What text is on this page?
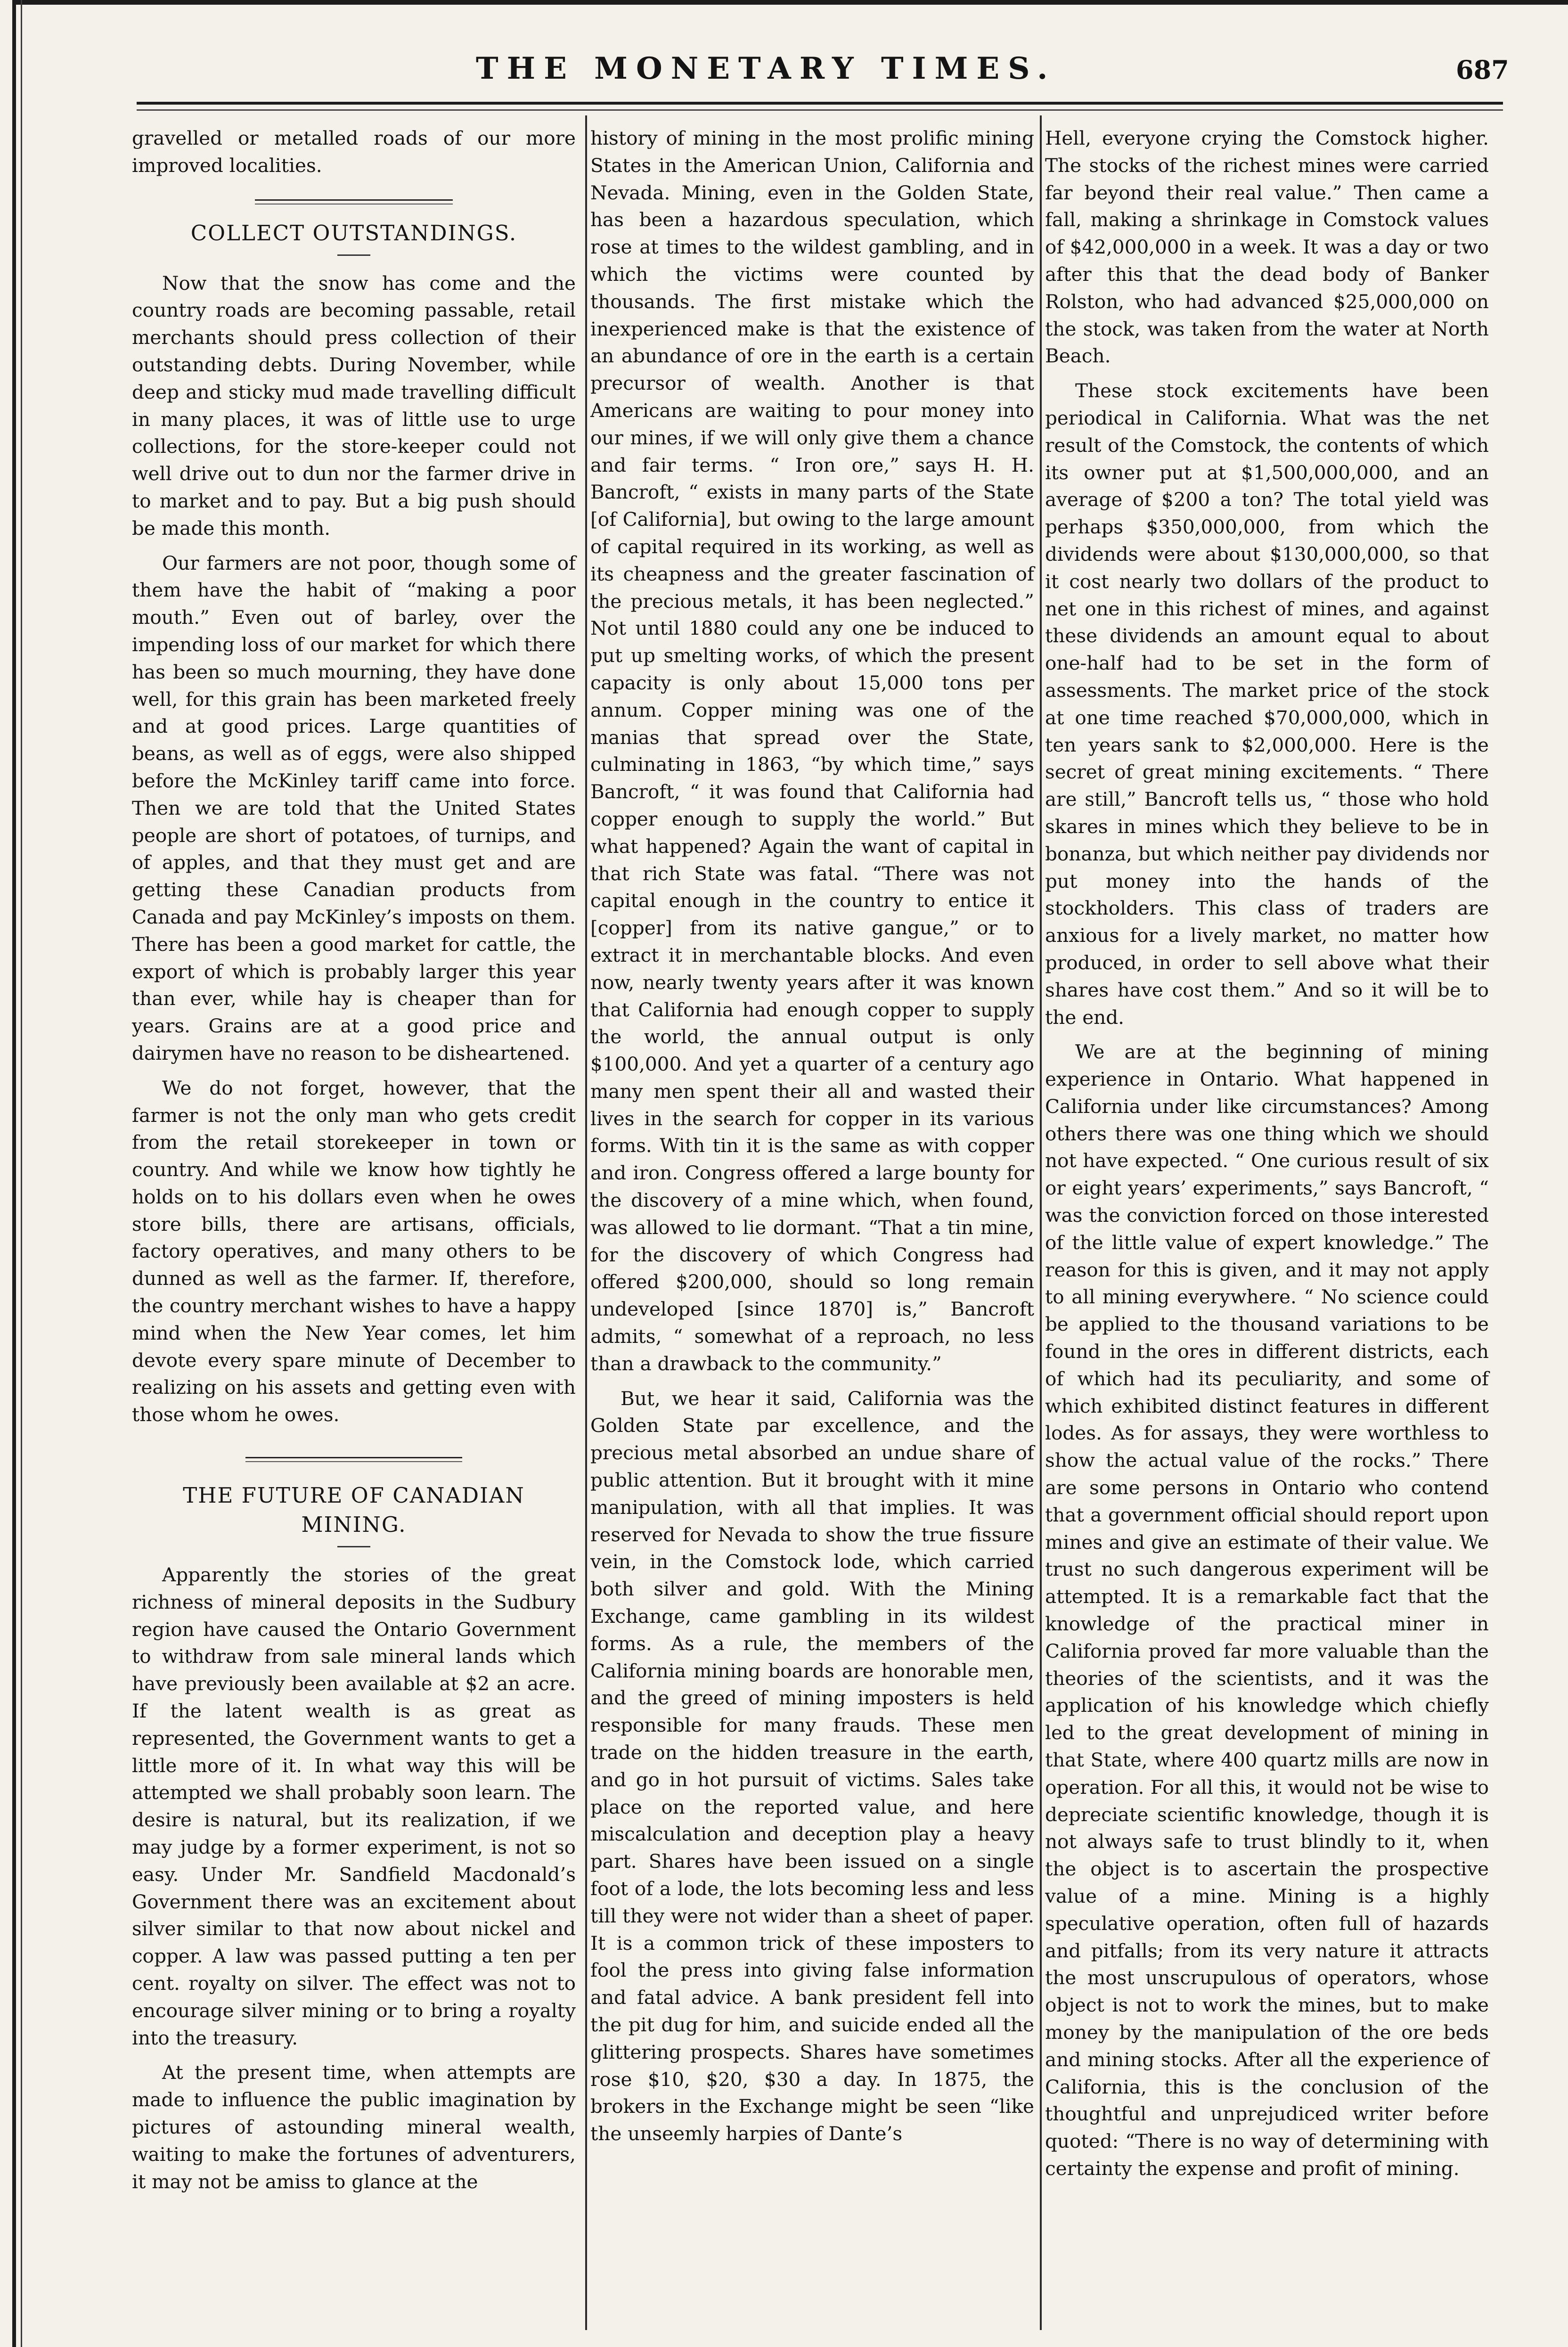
THE MONETARY TIMES.	687

gravelled or metalled roads of our more improved localities.

COLLECT OUTSTANDINGS.

Now that the snow has come and the country roads are becoming passable, retail merchants should press collection of their outstanding debts. During November, while deep and sticky mud made travelling difficult in many places, it was of little use to urge collections, for the store-keeper could not well drive out to dun nor the farmer drive in to market and to pay. But a big push should be made this month.

Our farmers are not poor, though some of them have the habit of “making a poor mouth.” Even out of barley, over the impending loss of our market for which there has been so much mourning, they have done well, for this grain has been marketed freely and at good prices. Large quantities of beans, as well as of eggs, were also shipped before the McKinley tariff came into force. Then we are told that the United States people are short of potatoes, of turnips, and of apples, and that they must get and are getting these Canadian products from Canada and pay McKinley’s imposts on them. There has been a good market for cattle, the export of which is probably larger this year than ever, while hay is cheaper than for years. Grains are at a good price and dairymen have no reason to be disheartened.

We do not forget, however, that the farmer is not the only man who gets credit from the retail storekeeper in town or country. And while we know how tightly he holds on to his dollars even when he owes store bills, there are artisans, officials, factory operatives, and many others to be dunned as well as the farmer. If, therefore, the country merchant wishes to have a happy mind when the New Year comes, let him devote every spare minute of December to realizing on his assets and getting even with those whom he owes.

THE FUTURE OF CANADIAN MINING.

Apparently the stories of the great richness of mineral deposits in the Sudbury region have caused the Ontario Government to withdraw from sale mineral lands which have previously been available at $2 an acre. If the latent wealth is as great as represented, the Government wants to get a little more of it. In what way this will be attempted we shall probably soon learn. The desire is natural, but its realization, if we may judge by a former experiment, is not so easy. Under Mr. Sandfield Macdonald’s Government there was an excitement about silver similar to that now about nickel and copper. A law was passed putting a ten per cent. royalty on silver. The effect was not to encourage silver mining or to bring a royalty into the treasury.

At the present time, when attempts are made to influence the public imagination by pictures of astounding mineral wealth, waiting to make the fortunes of adventurers, it may not be amiss to glance at the

history of mining in the most prolific mining States in the American Union, California and Nevada. Mining, even in the Golden State, has been a hazardous speculation, which rose at times to the wildest gambling, and in which the victims were counted by thousands. The first mistake which the inexperienced make is that the existence of an abundance of ore in the earth is a certain precursor of wealth. Another is that Americans are waiting to pour money into our mines, if we will only give them a chance and fair terms. “ Iron ore,” says H. H. Bancroft, “ exists in many parts of the State [of California], but owing to the large amount of capital required in its working, as well as its cheapness and the greater fascination of the precious metals, it has been neglected.” Not until 1880 could any one be induced to put up smelting works, of which the present capacity is only about 15,000 tons per annum. Copper mining was one of the manias that spread over the State, culminating in 1863, “by which time,” says Bancroft, “ it was found that California had copper enough to supply the world.” But what happened? Again the want of capital in that rich State was fatal. “There was not capital enough in the country to entice it [copper] from its native gangue,” or to extract it in merchantable blocks. And even now, nearly twenty years after it was known that California had enough copper to supply the world, the annual output is only $100,000. And yet a quarter of a century ago many men spent their all and wasted their lives in the search for copper in its various forms. With tin it is the same as with copper and iron. Congress offered a large bounty for the discovery of a mine which, when found, was allowed to lie dormant. “That a tin mine, for the discovery of which Congress had offered $200,000, should so long remain undeveloped [since 1870] is,” Bancroft admits, “ somewhat of a reproach, no less than a drawback to the community.”

But, we hear it said, California was the Golden State par excellence, and the precious metal absorbed an undue share of public attention. But it brought with it mine manipulation, with all that implies. It was reserved for Nevada to show the true fissure vein, in the Comstock lode, which carried both silver and gold. With the Mining Exchange, came gambling in its wildest forms. As a rule, the members of the California mining boards are honorable men, and the greed of mining imposters is held responsible for many frauds. These men trade on the hidden treasure in the earth, and go in hot pursuit of victims. Sales take place on the reported value, and here miscalculation and deception play a heavy part. Shares have been issued on a single foot of a lode, the lots becoming less and less till they were not wider than a sheet of paper. It is a common trick of these imposters to fool the press into giving false information and fatal advice. A bank president fell into the pit dug for him, and suicide ended all the glittering prospects. Shares have sometimes rose $10, $20, $30 a day. In 1875, the brokers in the Exchange might be seen “like the unseemly harpies of Dante’s

Hell, everyone crying the Comstock higher. The stocks of the richest mines were carried far beyond their real value.” Then came a fall, making a shrinkage in Comstock values of $42,000,000 in a week. It was a day or two after this that the dead body of Banker Rolston, who had advanced $25,000,000 on the stock, was taken from the water at North Beach.

These stock excitements have been periodical in California. What was the net result of the Comstock, the contents of which its owner put at $1,500,000,000, and an average of $200 a ton? The total yield was perhaps $350,000,000, from which the dividends were about $130,000,000, so that it cost nearly two dollars of the product to net one in this richest of mines, and against these dividends an amount equal to about one-half had to be set in the form of assessments. The market price of the stock at one time reached $70,000,000, which in ten years sank to $2,000,000. Here is the secret of great mining excitements. “ There are still,” Bancroft tells us, “ those who hold skares in mines which they believe to be in bonanza, but which neither pay dividends nor put money into the hands of the stockholders. This class of traders are anxious for a lively market, no matter how produced, in order to sell above what their shares have cost them.” And so it will be to the end.

We are at the beginning of mining experience in Ontario. What happened in California under like circumstances? Among others there was one thing which we should not have expected. “ One curious result of six or eight years’ experiments,” says Bancroft, “ was the conviction forced on those interested of the little value of expert knowledge.” The reason for this is given, and it may not apply to all mining everywhere. “ No science could be applied to the thousand variations to be found in the ores in different districts, each of which had its peculiarity, and some of which exhibited distinct features in different lodes. As for assays, they were worthless to show the actual value of the rocks.” There are some persons in Ontario who contend that a government official should report upon mines and give an estimate of their value. We trust no such dangerous experiment will be attempted. It is a remarkable fact that the knowledge of the practical miner in California proved far more valuable than the theories of the scientists, and it was the application of his knowledge which chiefly led to the great development of mining in that State, where 400 quartz mills are now in operation. For all this, it would not be wise to depreciate scientific knowledge, though it is not always safe to trust blindly to it, when the object is to ascertain the prospective value of a mine. Mining is a highly speculative operation, often full of hazards and pitfalls; from its very nature it attracts the most unscrupulous of operators, whose object is not to work the mines, but to make money by the manipulation of the ore beds and mining stocks. After all the experience of California, this is the conclusion of the thoughtful and unprejudiced writer before quoted: “There is no way of determining with certainty the expense and profit of mining.
